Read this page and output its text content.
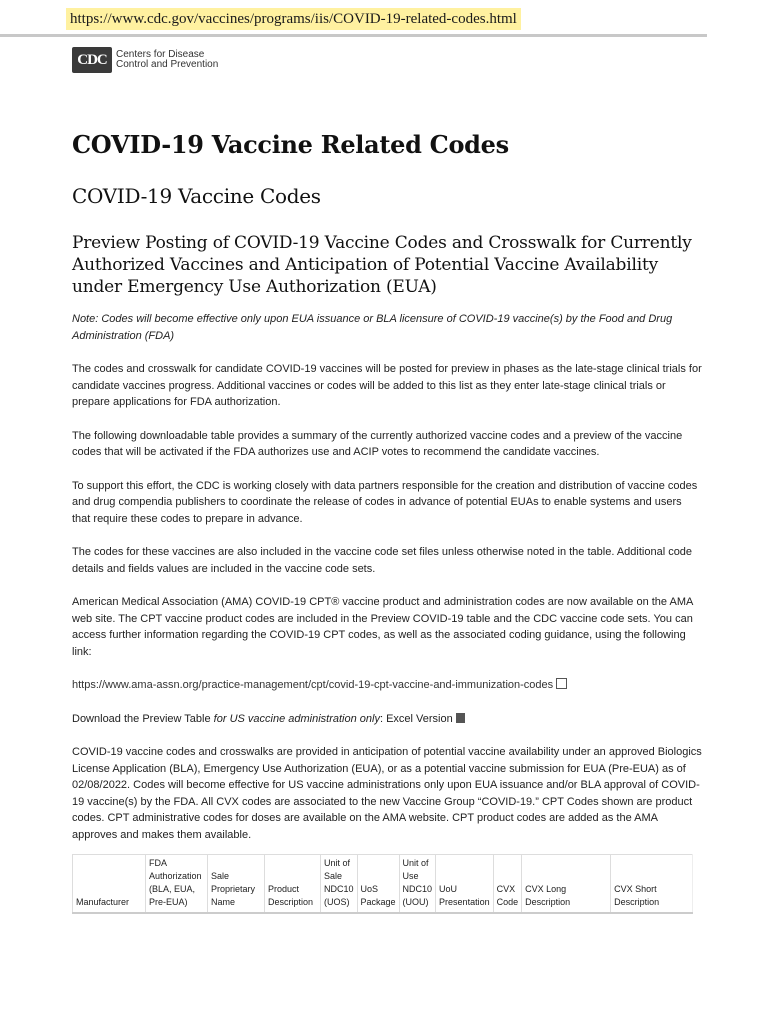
https://www.cdc.gov/vaccines/programs/iis/COVID-19-related-codes.html
CDC Centers for Disease
Control and Prevention
COVID-19 Vaccine Related Codes
COVID-19 Vaccine Codes
Preview Posting of COVID-19 Vaccine Codes and Crosswalk for Currently Authorized Vaccines and Anticipation of Potential Vaccine Availability under Emergency Use Authorization (EUA)

Note: Codes will become effective only upon EUA issuance or BLA licensure of COVID-19 vaccine(s) by the Food and Drug Administration (FDA)

The codes and crosswalk for candidate COVID-19 vaccines will be posted for preview in phases as the late-stage clinical trials for candidate vaccines progress. Additional vaccines or codes will be added to this list as they enter late-stage clinical trials or prepare applications for FDA authorization.

The following downloadable table provides a summary of the currently authorized vaccine codes and a preview of the vaccine codes that will be activated if the FDA authorizes use and ACIP votes to recommend the candidate vaccines.

To support this effort, the CDC is working closely with data partners responsible for the creation and distribution of vaccine codes and drug compendia publishers to coordinate the release of codes in advance of potential EUAs to enable systems and users that require these codes to prepare in advance.

The codes for these vaccines are also included in the vaccine code set files unless otherwise noted in the table. Additional code details and fields values are included in the vaccine code sets.

American Medical Association (AMA) COVID-19 CPT® vaccine product and administration codes are now available on the AMA web site. The CPT vaccine product codes are included in the Preview COVID-19 table and the CDC vaccine code sets. You can access further information regarding the COVID-19 CPT codes, as well as the associated coding guidance, using the following link:

https://www.ama-assn.org/practice-management/cpt/covid-19-cpt-vaccine-and-immunization-codes

Download the Preview Table for US vaccine administration only: Excel Version

COVID-19 vaccine codes and crosswalks are provided in anticipation of potential vaccine availability under an approved Biologics License Application (BLA), Emergency Use Authorization (EUA), or as a potential vaccine submission for EUA (Pre-EUA) as of 02/08/2022. Codes will become effective for US vaccine administrations only upon EUA issuance and/or BLA approval of COVID-19 vaccine(s) by the FDA. All CVX codes are associated to the new Vaccine Group “COVID-19.” CPT Codes shown are product codes. CPT administrative codes for doses are available on the AMA website. CPT product codes are added as the AMA approves and makes them available.

Manufacturer	FDA Authorization (BLA, EUA, Pre-EUA)	Sale Proprietary Name	Product Description	Unit of Sale NDC10 (UOS)	UoS Package	Unit of Use NDC10 (UOU)	UoU Presentation	CVX Code	CVX Long Description	CVX Short Description
